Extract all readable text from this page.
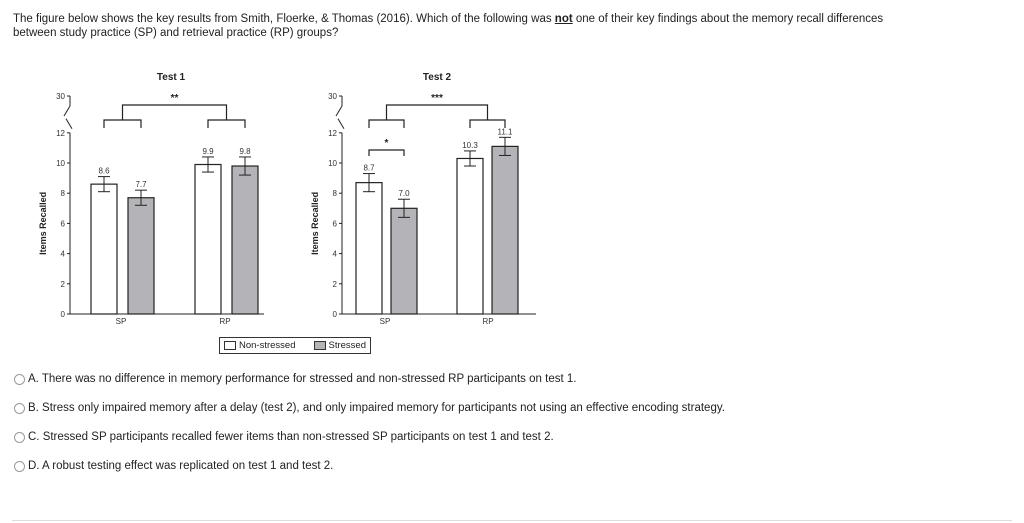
The figure below shows the key results from Smith, Floerke, & Thomas (2016). Which of the following was not one of their key findings about the memory recall differences between study practice (SP) and retrieval practice (RP) groups?
Test 1
Items Recalled
0
2
4
6
8
10
12
30
SP	RP
8.6
9.9
7.7
9.8
**
Test 2
Items Recalled
0
2
4
6
8
10
12
30
SP	RP
8.7
10.3
7.0
11.1
*
***
Non-stressed	Stressed
A. There was no difference in memory performance for stressed and non-stressed RP participants on test 1.
B. Stress only impaired memory after a delay (test 2), and only impaired memory for participants not using an effective encoding strategy.
C. Stressed SP participants recalled fewer items than non-stressed SP participants on test 1 and test 2.
D. A robust testing effect was replicated on test 1 and test 2.
